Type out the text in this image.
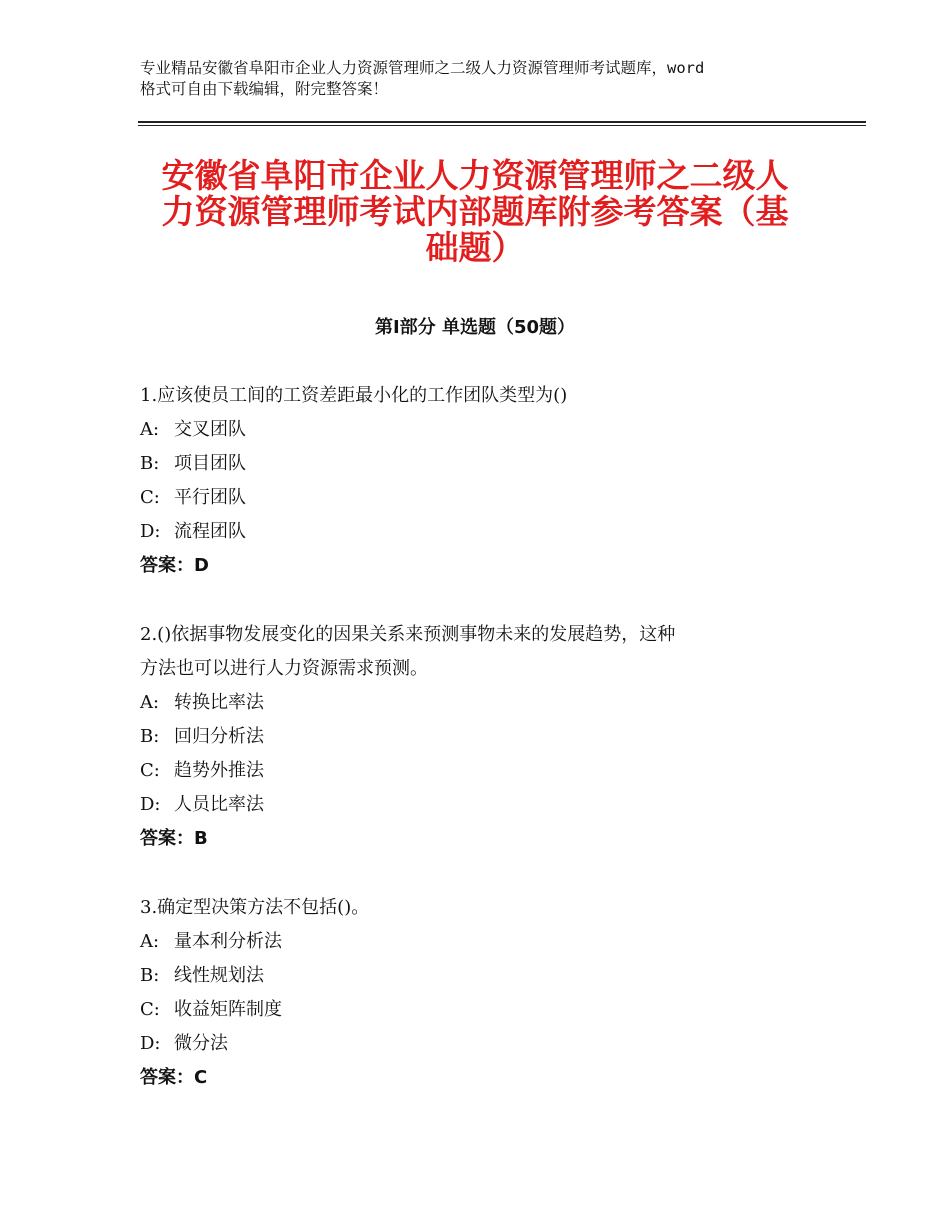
专业精品安徽省阜阳市企业人力资源管理师之二级人力资源管理师考试题库，word
格式可自由下载编辑，附完整答案！
安徽省阜阳市企业人力资源管理师之二级人
力资源管理师考试内部题库附参考答案（基
础题）
第Ⅰ部分 单选题（50题）
1.应该使员工间的工资差距最小化的工作团队类型为()
A: 交叉团队
B: 项目团队
C: 平行团队
D: 流程团队
答案：D
2.()依据事物发展变化的因果关系来预测事物未来的发展趋势，这种
方法也可以进行人力资源需求预测。
A: 转换比率法
B: 回归分析法
C: 趋势外推法
D: 人员比率法
答案：B
3.确定型决策方法不包括()。
A: 量本利分析法
B: 线性规划法
C: 收益矩阵制度
D: 微分法
答案：C
